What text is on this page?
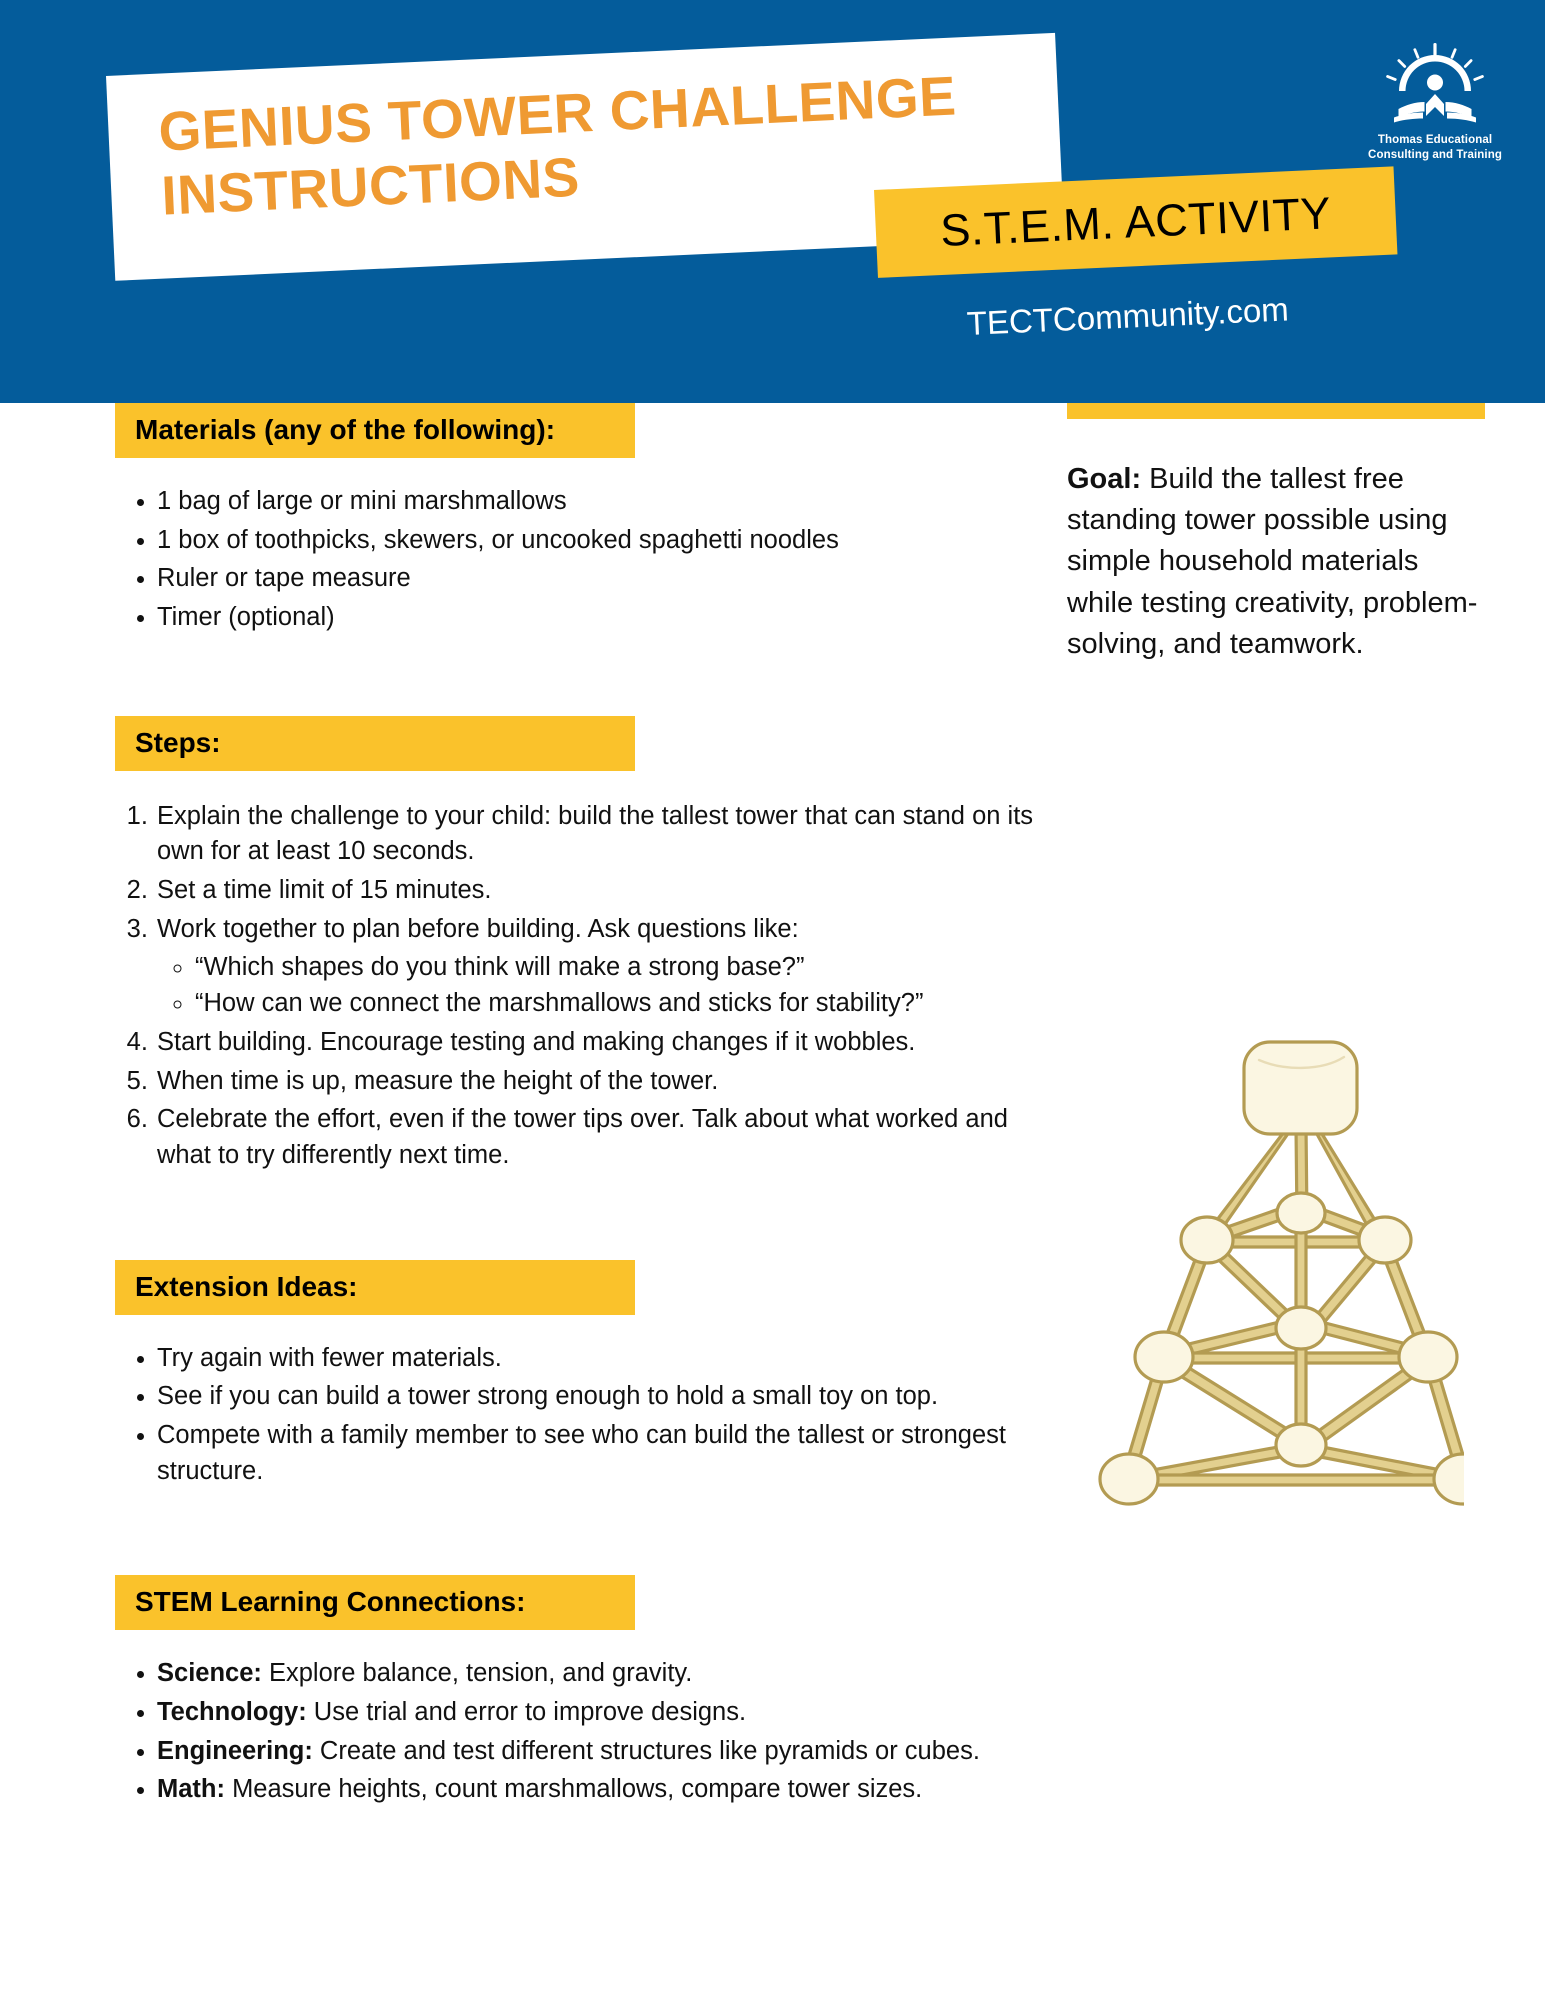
GENIUS TOWER CHALLENGE
INSTRUCTIONS	S.T.E.M. ACTIVITY
TECTCommunity.com
Thomas Educational
Consulting and Training
Materials (any of the following):
• 1 bag of large or mini marshmallows
• 1 box of toothpicks, skewers, or uncooked spaghetti noodles
• Ruler or tape measure
• Timer (optional)
Steps:
1. Explain the challenge to your child: build the tallest tower that can stand on its own for at least 10 seconds.
2. Set a time limit of 15 minutes.
3. Work together to plan before building. Ask questions like:
◦ “Which shapes do you think will make a strong base?”
◦ “How can we connect the marshmallows and sticks for stability?”
4. Start building. Encourage testing and making changes if it wobbles.
5. When time is up, measure the height of the tower.
6. Celebrate the effort, even if the tower tips over. Talk about what worked and what to try differently next time.
Extension Ideas:
• Try again with fewer materials.
• See if you can build a tower strong enough to hold a small toy on top.
• Compete with a family member to see who can build the tallest or strongest structure.
STEM Learning Connections:
• Science: Explore balance, tension, and gravity.
• Technology: Use trial and error to improve designs.
• Engineering: Create and test different structures like pyramids or cubes.
• Math: Measure heights, count marshmallows, compare tower sizes.
Goal: Build the tallest free standing tower possible using simple household materials while testing creativity, problem-solving, and teamwork.
